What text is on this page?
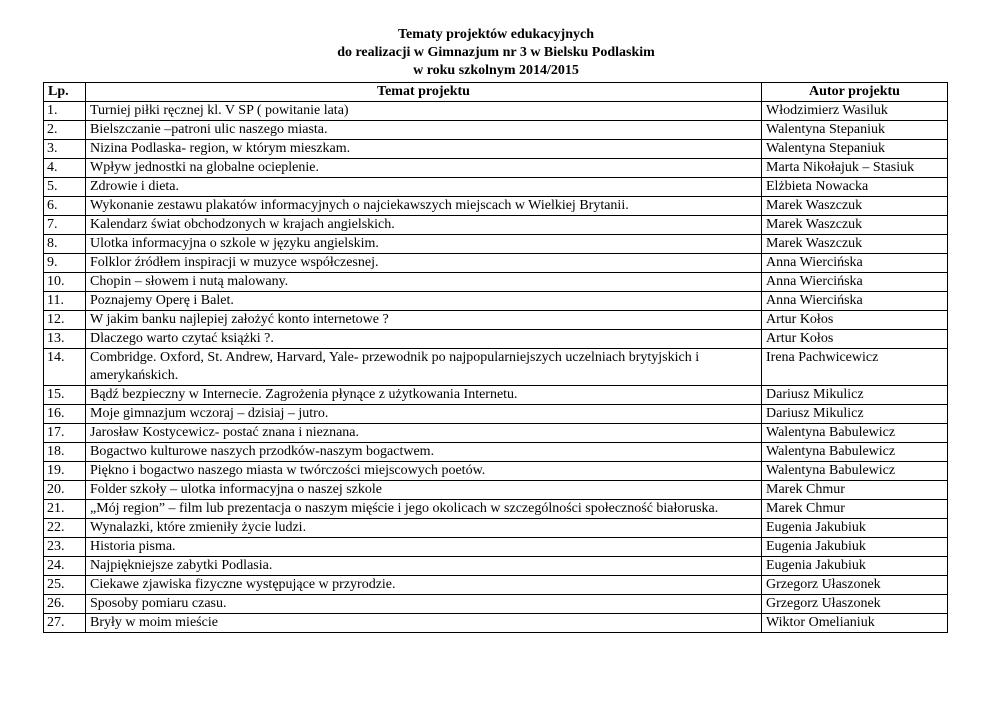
Tematy projektów edukacyjnych
do realizacji w Gimnazjum nr 3 w Bielsku Podlaskim
w roku szkolnym 2014/2015
Lp.	Temat projektu	Autor projektu
1.	Turniej piłki ręcznej kl. V SP ( powitanie lata)	Włodzimierz Wasiluk
2.	Bielszczanie –patroni ulic naszego miasta.	Walentyna Stepaniuk
3.	Nizina Podlaska- region, w którym mieszkam.	Walentyna Stepaniuk
4.	Wpływ jednostki na globalne ocieplenie.	Marta Nikołajuk – Stasiuk
5.	Zdrowie i dieta.	Elżbieta Nowacka
6.	Wykonanie zestawu plakatów informacyjnych o najciekawszych miejscach w Wielkiej Brytanii.	Marek Waszczuk
7.	Kalendarz świat obchodzonych w krajach angielskich.	Marek Waszczuk
8.	Ulotka informacyjna o szkole w języku angielskim.	Marek Waszczuk
9.	Folklor źródłem inspiracji w muzyce współczesnej.	Anna Wiercińska
10.	Chopin – słowem i nutą malowany.	Anna Wiercińska
11.	Poznajemy Operę i Balet.	Anna Wiercińska
12.	W jakim banku najlepiej założyć konto internetowe ?	Artur Kołos
13.	Dlaczego warto czytać książki ?.	Artur Kołos
14.	Combridge. Oxford, St. Andrew, Harvard, Yale- przewodnik po najpopularniejszych uczelniach brytyjskich i amerykańskich.	Irena Pachwicewicz
15.	Bądź bezpieczny w Internecie. Zagrożenia płynące z użytkowania Internetu.	Dariusz Mikulicz
16.	Moje gimnazjum wczoraj – dzisiaj – jutro.	Dariusz Mikulicz
17.	Jarosław Kostycewicz- postać znana i nieznana.	Walentyna Babulewicz
18.	Bogactwo kulturowe naszych przodków-naszym bogactwem.	Walentyna Babulewicz
19.	Piękno i bogactwo naszego miasta w twórczości miejscowych poetów.	Walentyna Babulewicz
20.	Folder szkoły – ulotka informacyjna o naszej szkole	Marek Chmur
21.	„Mój region” – film lub prezentacja o naszym mięście i jego okolicach w szczególności społeczność białoruska.	Marek Chmur
22.	Wynalazki, które zmieniły życie ludzi.	Eugenia Jakubiuk
23.	Historia pisma.	Eugenia Jakubiuk
24.	Najpiękniejsze zabytki Podlasia.	Eugenia Jakubiuk
25.	Ciekawe zjawiska fizyczne występujące w przyrodzie.	Grzegorz Ułaszonek
26.	Sposoby pomiaru czasu.	Grzegorz Ułaszonek
27.	Bryły w moim mieście	Wiktor Omelianiuk
